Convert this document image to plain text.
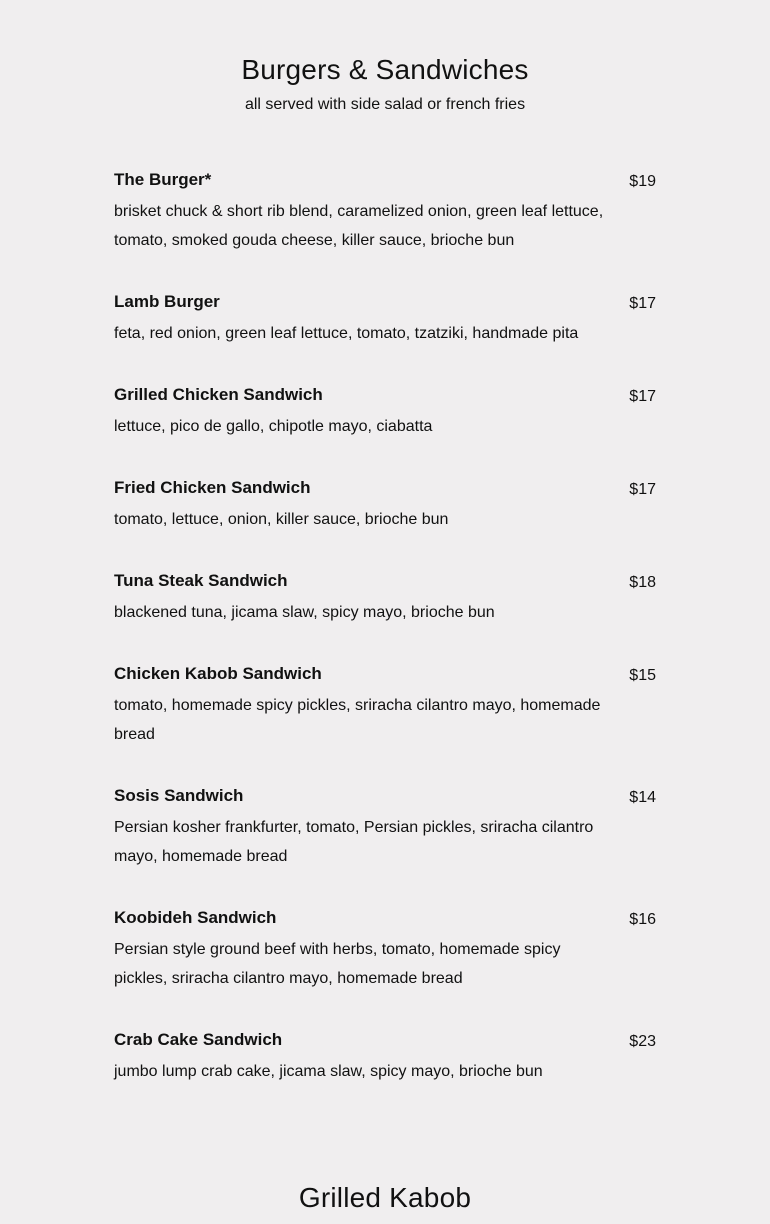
Burgers & Sandwiches

all served with side salad or french fries

The Burger*	$19
brisket chuck & short rib blend, caramelized onion, green leaf lettuce, tomato, smoked gouda cheese, killer sauce, brioche bun
Lamb Burger	$17
feta, red onion, green leaf lettuce, tomato, tzatziki, handmade pita
Grilled Chicken Sandwich	$17
lettuce, pico de gallo, chipotle mayo, ciabatta
Fried Chicken Sandwich	$17
tomato, lettuce, onion, killer sauce, brioche bun
Tuna Steak Sandwich	$18
blackened tuna, jicama slaw, spicy mayo, brioche bun
Chicken Kabob Sandwich	$15
tomato, homemade spicy pickles, sriracha cilantro mayo, homemade bread
Sosis Sandwich	$14
Persian kosher frankfurter, tomato, Persian pickles, sriracha cilantro mayo, homemade bread
Koobideh Sandwich	$16
Persian style ground beef with herbs, tomato, homemade spicy pickles, sriracha cilantro mayo, homemade bread
Crab Cake Sandwich	$23
jumbo lump crab cake, jicama slaw, spicy mayo, brioche bun
Grilled Kabob
